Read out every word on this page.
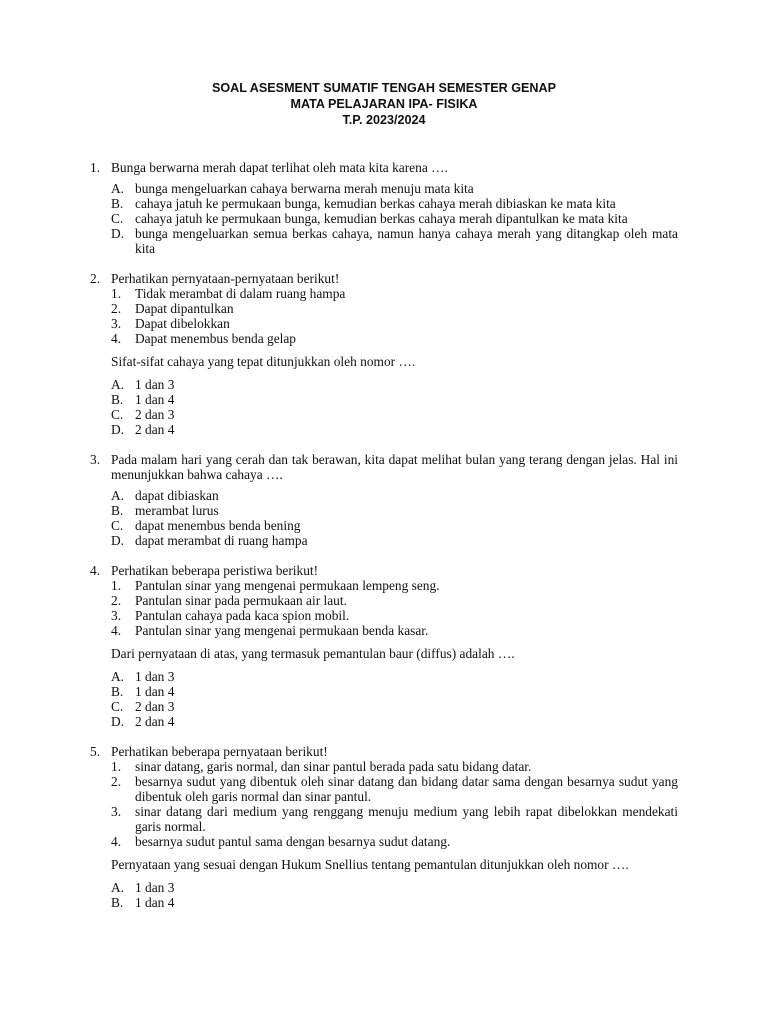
SOAL ASESMENT SUMATIF TENGAH SEMESTER GENAP
MATA PELAJARAN IPA- FISIKA
T.P. 2023/2024
1. Bunga berwarna merah dapat terlihat oleh mata kita karena ….
A. bunga mengeluarkan cahaya berwarna merah menuju mata kita
B. cahaya jatuh ke permukaan bunga, kemudian berkas cahaya merah dibiaskan ke mata kita
C. cahaya jatuh ke permukaan bunga, kemudian berkas cahaya merah dipantulkan ke mata kita
D. bunga mengeluarkan semua berkas cahaya, namun hanya cahaya merah yang ditangkap oleh mata kita
2. Perhatikan pernyataan-pernyataan berikut!
1.	Tidak merambat di dalam ruang hampa
2.	Dapat dipantulkan
3.	Dapat dibelokkan
4.	Dapat menembus benda gelap
Sifat-sifat cahaya yang tepat ditunjukkan oleh nomor ….
A. 1 dan 3
B. 1 dan 4
C. 2 dan 3
D. 2 dan 4
3. Pada malam hari yang cerah dan tak berawan, kita dapat melihat bulan yang terang dengan jelas. Hal ini menunjukkan bahwa cahaya ….
A. dapat dibiaskan
B. merambat lurus
C. dapat menembus benda bening
D. dapat merambat di ruang hampa
4. Perhatikan beberapa peristiwa berikut!
1.	Pantulan sinar yang mengenai permukaan lempeng seng.
2.	Pantulan sinar pada permukaan air laut.
3.	Pantulan cahaya pada kaca spion mobil.
4.	Pantulan sinar yang mengenai permukaan benda kasar.
Dari pernyataan di atas, yang termasuk pemantulan baur (diffus) adalah ….
A. 1 dan 3
B. 1 dan 4
C. 2 dan 3
D. 2 dan 4
5. Perhatikan beberapa pernyataan berikut!
1.	sinar datang, garis normal, dan sinar pantul berada pada satu bidang datar.
2.	besarnya sudut yang dibentuk oleh sinar datang dan bidang datar sama dengan besarnya sudut yang dibentuk oleh garis normal dan sinar pantul.
3.	sinar datang dari medium yang renggang menuju medium yang lebih rapat dibelokkan mendekati garis normal.
4.	besarnya sudut pantul sama dengan besarnya sudut datang.
Pernyataan yang sesuai dengan Hukum Snellius tentang pemantulan ditunjukkan oleh nomor ….
A. 1 dan 3
B. 1 dan 4
